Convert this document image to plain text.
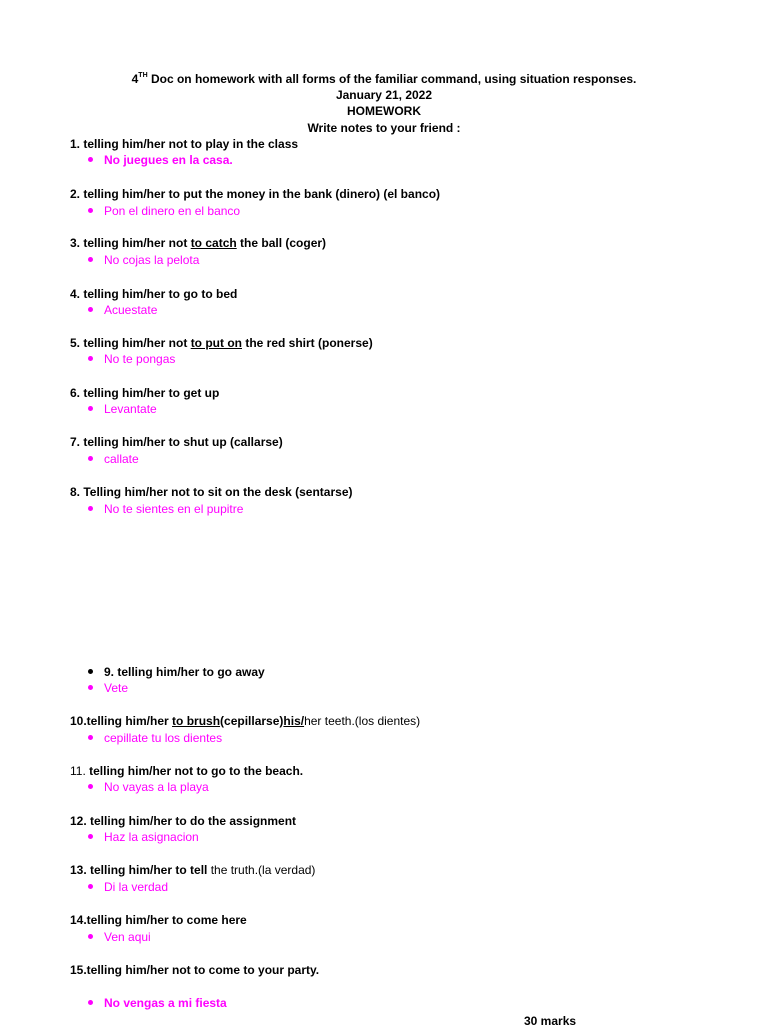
4TH Doc on homework with all forms of the familiar command, using situation responses.
January 21, 2022
HOMEWORK
Write notes to your friend :
1. telling him/her not to play in the class
No juegues en la casa.
2. telling him/her to put the money in the bank (dinero) (el banco)
Pon el dinero en el banco
3. telling him/her not to catch the ball (coger)
No cojas la pelota
4. telling him/her to go to bed
Acuestate
5. telling him/her not to put on the red shirt (ponerse)
No te pongas
6. telling him/her to get up
Levantate
7. telling him/her to shut up (callarse)
callate
8. Telling him/her not to sit on the desk (sentarse)
No te sientes en el pupitre
9. telling him/her to go away
Vete
10.telling him/her to brush(cepillarse)his/her teeth.(los dientes)
cepillate tu los dientes
11. telling him/her not to go to the beach.
No vayas a la playa
12. telling him/her to do the assignment
Haz la asignacion
13. telling him/her to tell the truth.(la verdad)
Di la verdad
14.telling him/her to come here
Ven aqui
15.telling him/her not to come to your party.
No vengas a mi fiesta
30 marks
